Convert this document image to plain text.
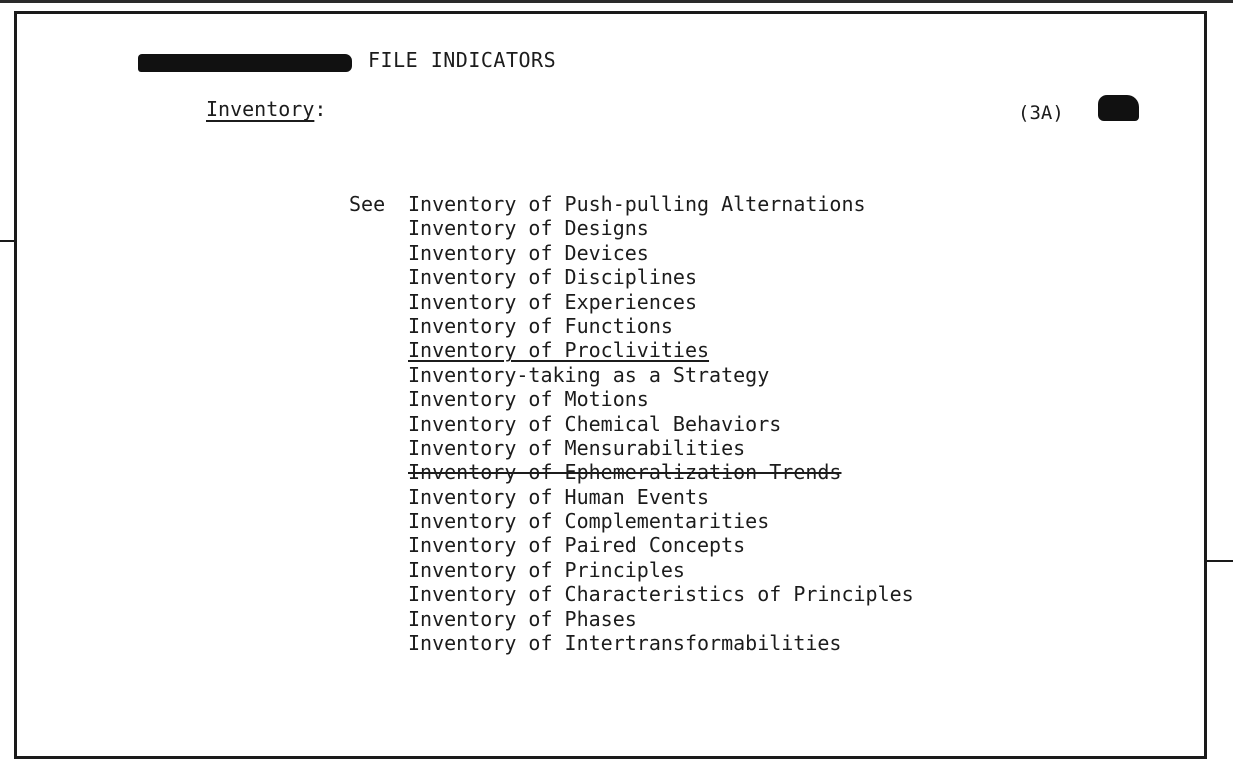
FILE INDICATORS
Inventory:	(3A)
See Inventory of Push-pulling Alternations
Inventory of Designs
Inventory of Devices
Inventory of Disciplines
Inventory of Experiences
Inventory of Functions
Inventory of Proclivities
Inventory-taking as a Strategy
Inventory of Motions
Inventory of Chemical Behaviors
Inventory of Mensurabilities
Inventory of Ephemeralization Trends
Inventory of Human Events
Inventory of Complementarities
Inventory of Paired Concepts
Inventory of Principles
Inventory of Characteristics of Principles
Inventory of Phases
Inventory of Intertransformabilities
